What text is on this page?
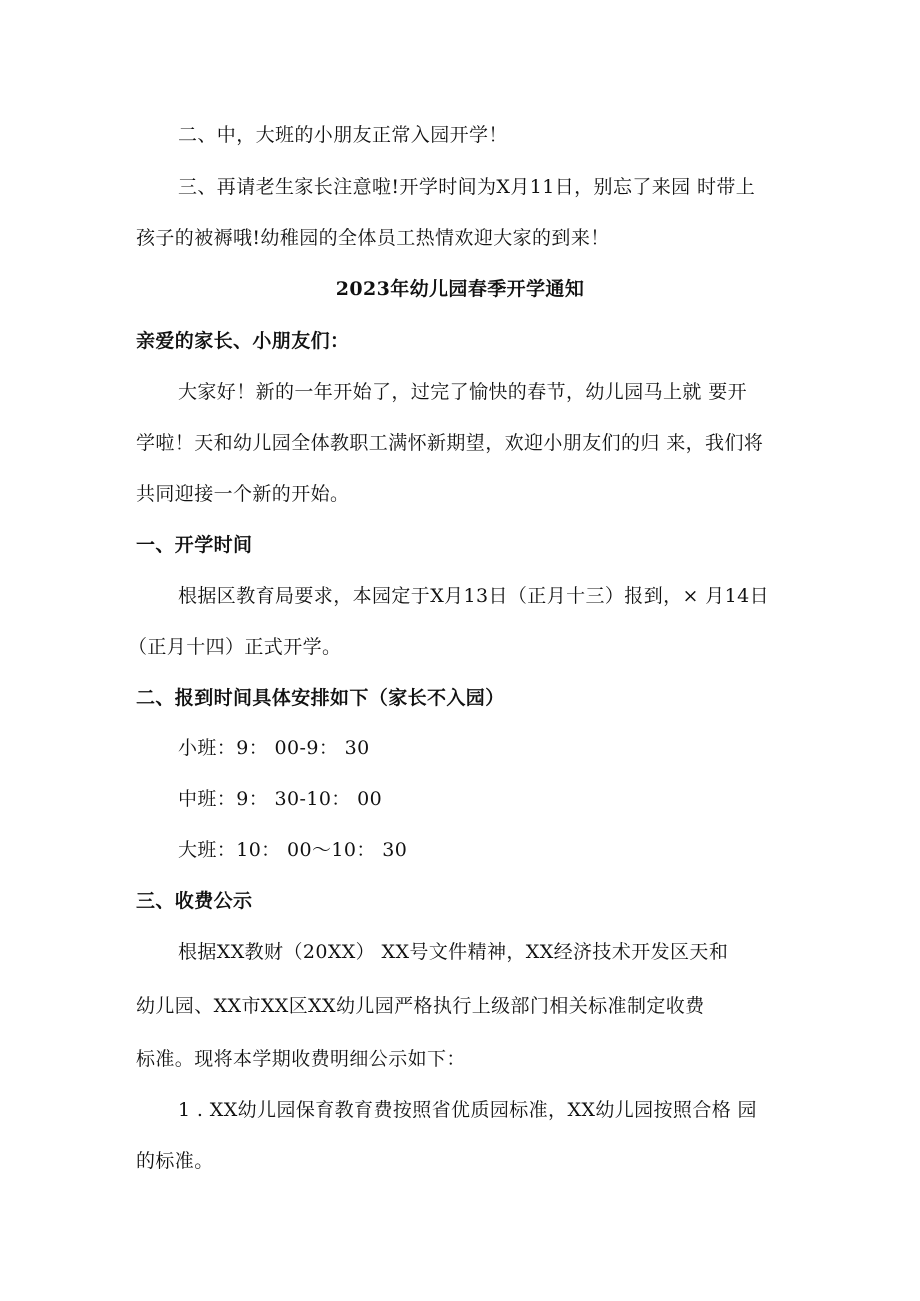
二、中，大班的小朋友正常入园开学！
三、再请老生家长注意啦!开学时间为X月11日，别忘了来园 时带上
孩子的被褥哦!幼稚园的全体员工热情欢迎大家的到来！
2023年幼儿园春季开学通知
亲爱的家长、小朋友们：
大家好！新的一年开始了，过完了愉快的春节，幼儿园马上就 要开
学啦！天和幼儿园全体教职工满怀新期望，欢迎小朋友们的归 来，我们将
共同迎接一个新的开始。
一、开学时间
根据区教育局要求，本园定于X月13日（正月十三）报到，× 月14日
（正月十四）正式开学。
二、报到时间具体安排如下（家长不入园）
小班：9： 00-9： 30
中班：9： 30-10： 00
大班：10： 00～10： 30
三、收费公示
根据XX教财（20XX） XX号文件精神，XX经济技术开发区天和
幼儿园、XX市XX区XX幼儿园严格执行上级部门相关标准制定收费
标准。现将本学期收费明细公示如下：
1 . XX幼儿园保育教育费按照省优质园标准，XX幼儿园按照合格 园
的标准。
